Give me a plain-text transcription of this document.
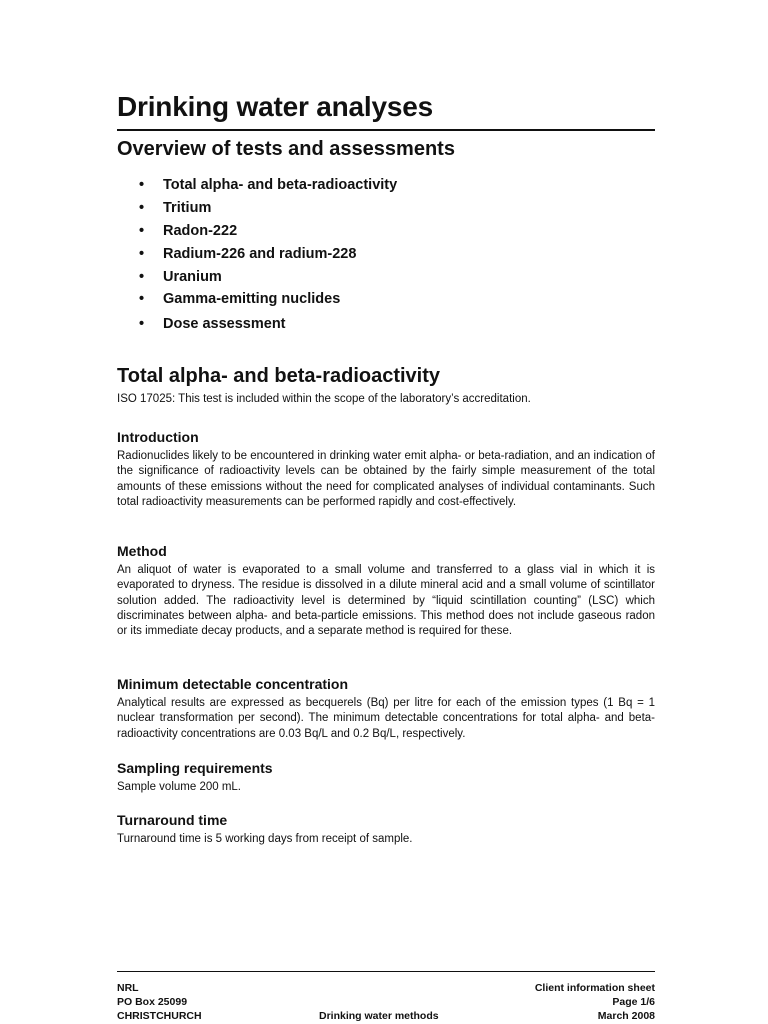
Drinking water analyses
Overview of tests and assessments
• Total alpha- and beta-radioactivity
• Tritium
• Radon-222
• Radium-226 and radium-228
• Uranium
• Gamma-emitting nuclides
• Dose assessment
Total alpha- and beta-radioactivity

ISO 17025: This test is included within the scope of the laboratory’s accreditation.

Introduction

Radionuclides likely to be encountered in drinking water emit alpha- or beta-radiation, and an indication of the significance of radioactivity levels can be obtained by the fairly simple measurement of the total amounts of these emissions without the need for complicated analyses of individual contaminants. Such total radioactivity measurements can be performed rapidly and cost-effectively.

Method

An aliquot of water is evaporated to a small volume and transferred to a glass vial in which it is evaporated to dryness. The residue is dissolved in a dilute mineral acid and a small volume of scintillator solution added. The radioactivity level is determined by “liquid scintillation counting” (LSC) which discriminates between alpha- and beta-particle emissions. This method does not include gaseous radon or its immediate decay products, and a separate method is required for these.

Minimum detectable concentration

Analytical results are expressed as becquerels (Bq) per litre for each of the emission types (1 Bq = 1 nuclear transformation per second). The minimum detectable concentrations for total alpha- and beta-radioactivity concentrations are 0.03 Bq/L and 0.2 Bq/L, respectively.

Sampling requirements

Sample volume 200 mL.

Turnaround time

Turnaround time is 5 working days from receipt of sample.

NRL
PO Box 25099
CHRISTCHURCH	Drinking water methods
Client information sheet
Page 1/6
March 2008
